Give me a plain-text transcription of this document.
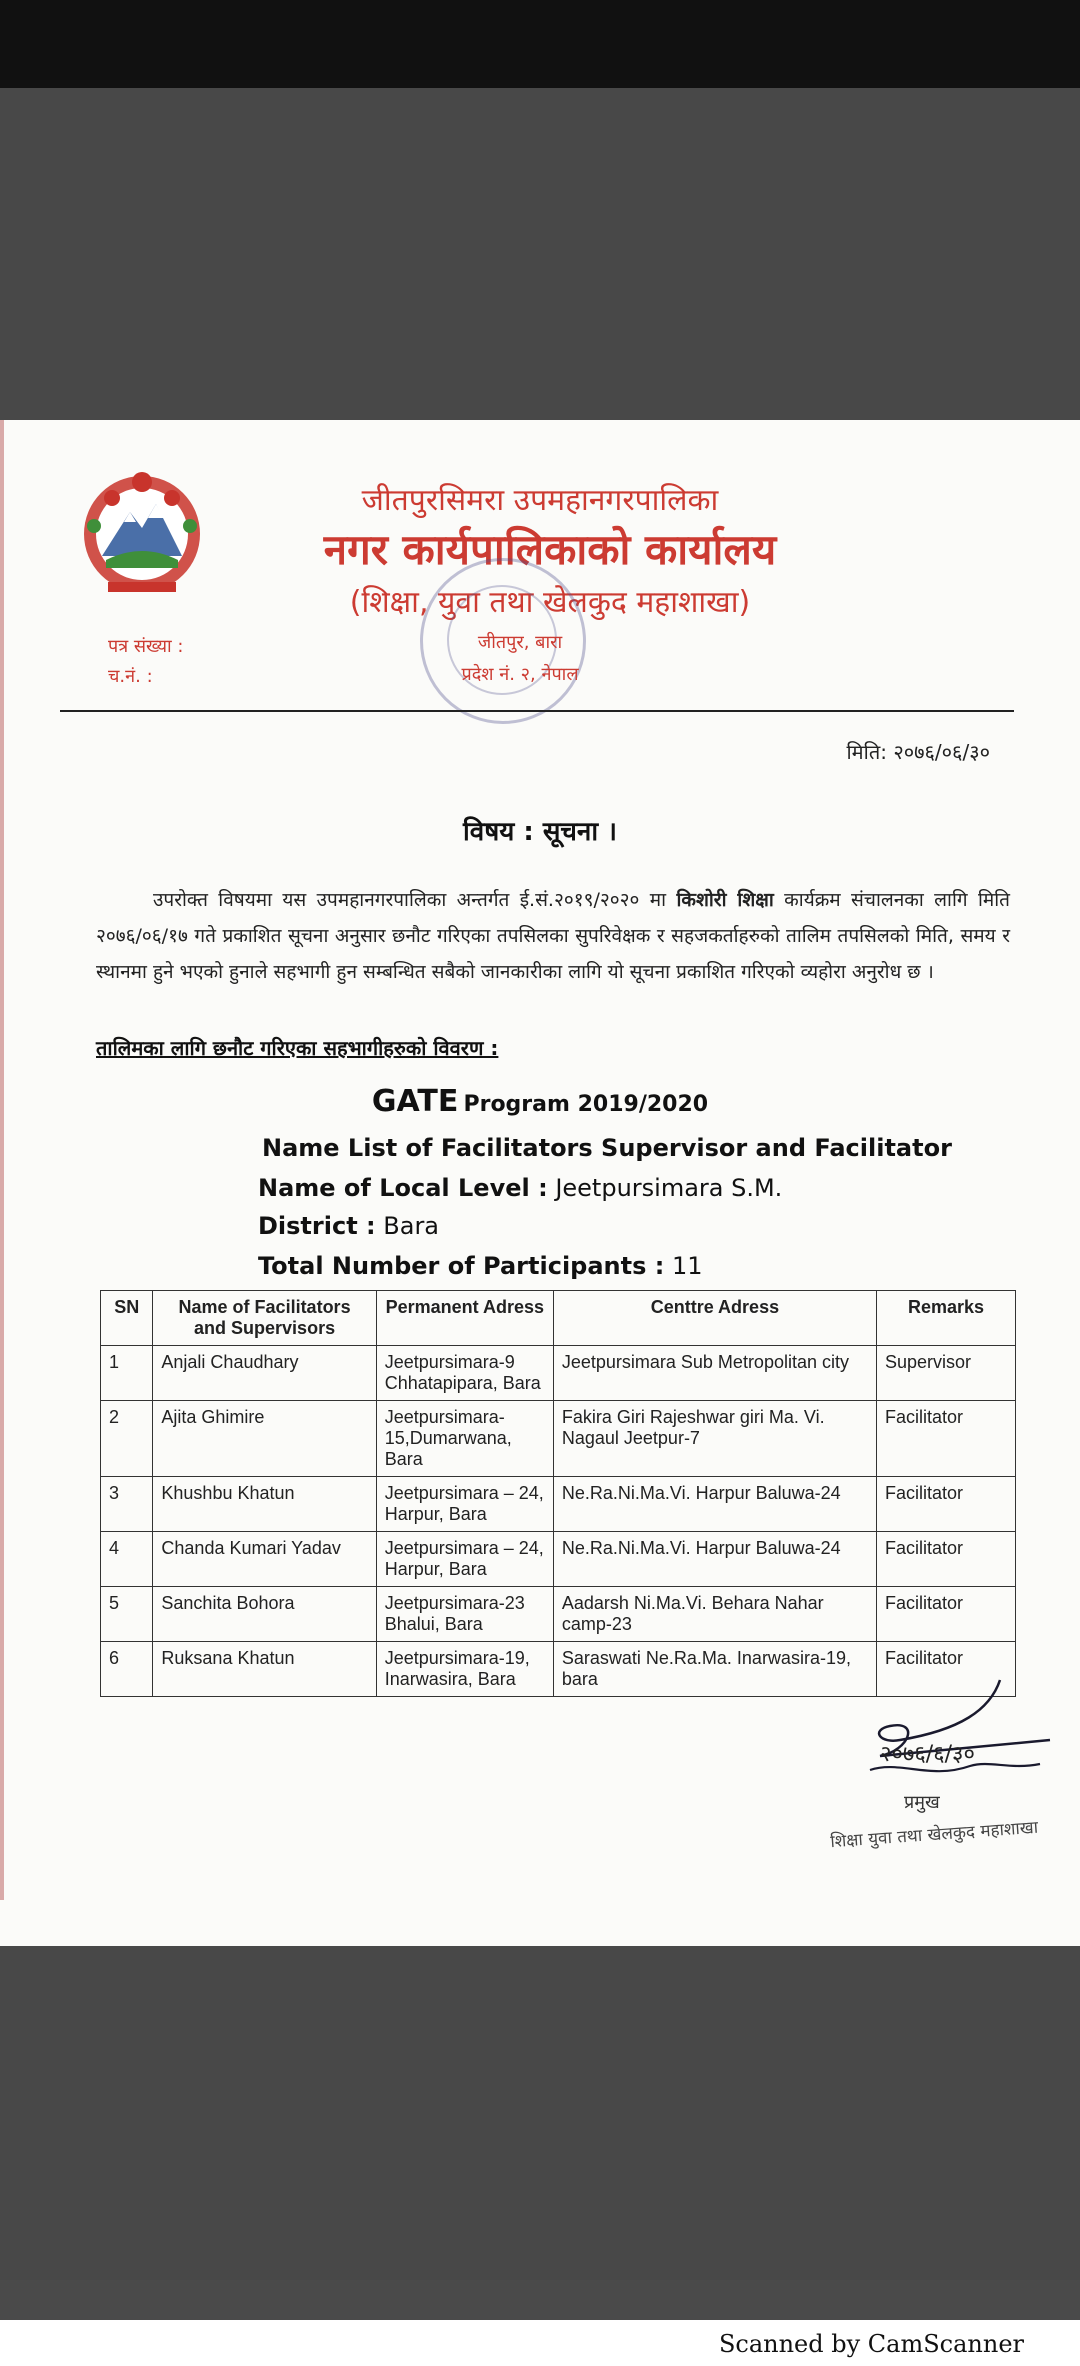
जीतपुरसिमरा उपमहानगरपालिका
नगर कार्यपालिकाको कार्यालय
(शिक्षा, युवा तथा खेलकुद महाशाखा)
पत्र संख्या :
च.नं. :
जीतपुर, बारा
प्रदेश नं. २, नेपाल
मिति: २०७६/०६/३०
विषय : सूचना ।
   उपरोक्त विषयमा यस उपमहानगरपालिका अन्तर्गत ई.सं.२०१९/२०२० मा किशोरी शिक्षा कार्यक्रम संचालनका लागि मिति २०७६/०६/१७ गते प्रकाशित सूचना अनुसार छनौट गरिएका तपसिलका सुपरिवेक्षक र सहजकर्ताहरुको तालिम तपसिलको मिति, समय र स्थानमा हुने भएको हुनाले सहभागी हुन सम्बन्धित सबैको जानकारीका लागि यो सूचना प्रकाशित गरिएको व्यहोरा अनुरोध छ ।
तालिमका लागि छनौट गरिएका सहभागीहरुको विवरण :
GATE Program 2019/2020
Name List of Facilitators Supervisor and Facilitator
Name of Local Level : Jeetpursimara S.M.
District : Bara
Total Number of Participants : 11
SN	Name of Facilitators and Supervisors	Permanent Adress	Centtre Adress	Remarks
1	Anjali Chaudhary	Jeetpursimara-9 Chhatapipara, Bara	Jeetpursimara Sub Metropolitan city	Supervisor
2	Ajita Ghimire	Jeetpursimara-15,Dumarwana, Bara	Fakira Giri Rajeshwar giri Ma. Vi. Nagaul Jeetpur-7	Facilitator
3	Khushbu Khatun	Jeetpursimara – 24, Harpur, Bara	Ne.Ra.Ni.Ma.Vi. Harpur Baluwa-24	Facilitator
4	Chanda Kumari Yadav	Jeetpursimara – 24, Harpur, Bara	Ne.Ra.Ni.Ma.Vi. Harpur Baluwa-24	Facilitator
5	Sanchita Bohora	Jeetpursimara-23 Bhalui, Bara	Aadarsh Ni.Ma.Vi. Behara Nahar camp-23	Facilitator
6	Ruksana Khatun	Jeetpursimara-19, Inarwasira, Bara	Saraswati Ne.Ra.Ma. Inarwasira-19, bara	Facilitator
२०७६/६/३०
प्रमुख
शिक्षा युवा तथा खेलकुद महाशाखा
Scanned by CamScanner
